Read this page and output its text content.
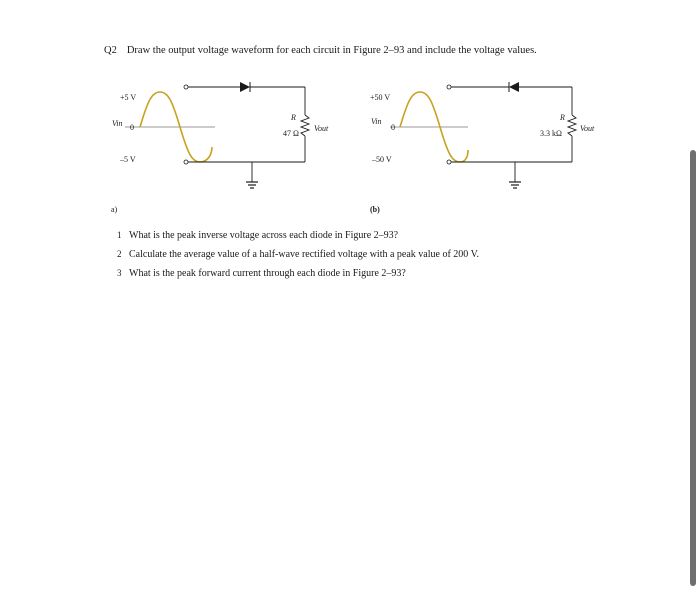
Q2 Draw the output voltage waveform for each circuit in Figure 2–93 and include the voltage values.
+5 V
–5 V
0
Vin
R
47 Ω
Vout
a)
+50 V
–50 V
0
Vin	R
3.3 kΩ
Vout
(b)
1 What is the peak inverse voltage across each diode in Figure 2–93?
2 Calculate the average value of a half-wave rectified voltage with a peak value of 200 V.
3 What is the peak forward current through each diode in Figure 2–93?
